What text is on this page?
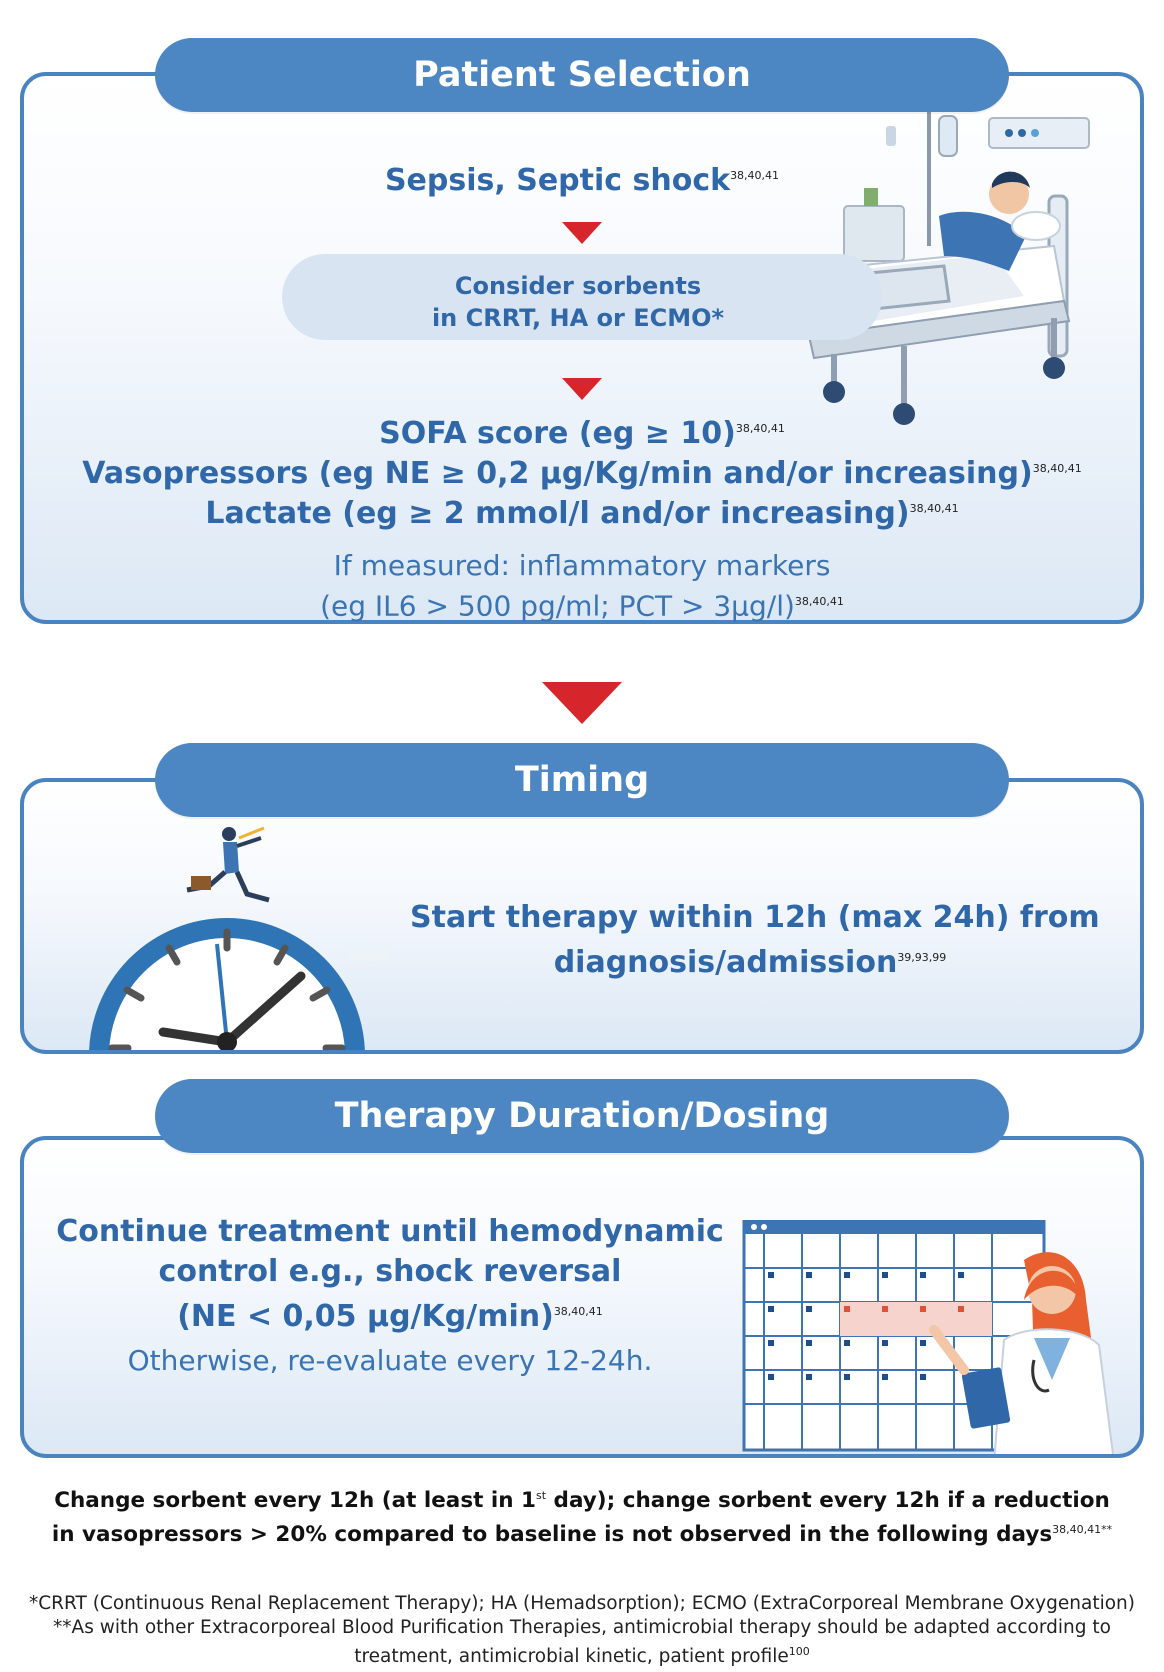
Patient Selection
Sepsis, Septic shock$^{38,40,41}$
Consider sorbents
in CRRT, HA or ECMO*
SOFA score (eg ≥ 10)$^{38,40,41}$
Vasopressors (eg NE ≥ 0,2 μg/Kg/min and/or increasing)$^{38,40,41}$
Lactate (eg ≥ 2 mmol/l and/or increasing)$^{38,40,41}$
If measured: inflammatory markers
(eg IL6 > 500 pg/ml; PCT > 3μg/l)$^{38,40,41}$
Timing
Start therapy within 12h (max 24h) from
diagnosis/admission$^{39,93,99}$
Therapy Duration/Dosing
Continue treatment until hemodynamic
control e.g., shock reversal
(NE < 0,05 μg/Kg/min)$^{38,40,41}$
Otherwise, re-evaluate every 12-24h.
Change sorbent every 12h (at least in 1st day); change sorbent every 12h if a reduction
in vasopressors > 20% compared to baseline is not observed in the following days$^{38,40,41**}$
*CRRT (Continuous Renal Replacement Therapy); HA (Hemadsorption); ECMO (ExtraCorporeal Membrane Oxygenation)
**As with other Extracorporeal Blood Purification Therapies, antimicrobial therapy should be adapted according to
treatment, antimicrobial kinetic, patient profile$^{100}$
